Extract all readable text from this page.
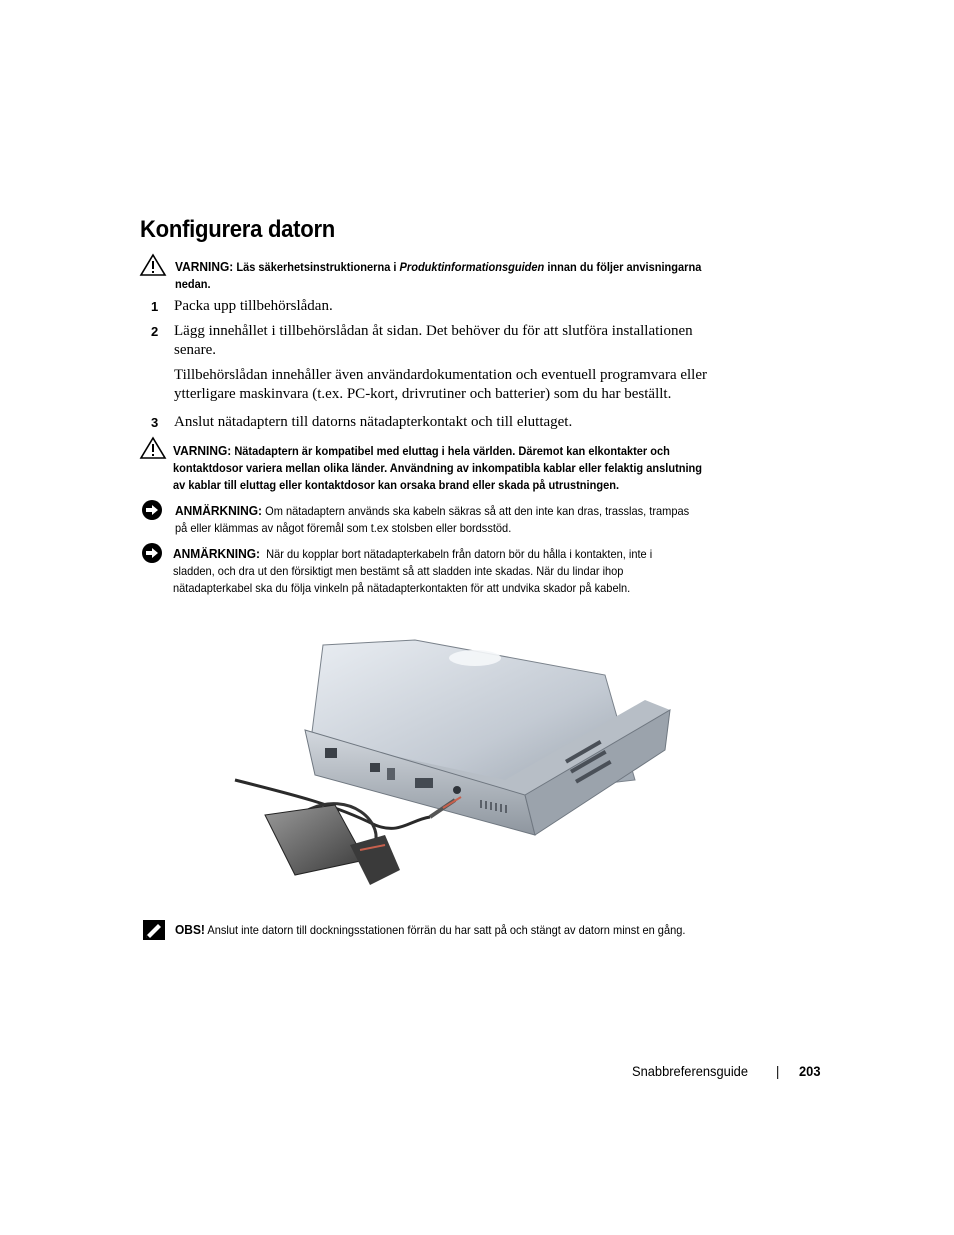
Konfigurera datorn
VARNING: Läs säkerhetsinstruktionerna i Produktinformationsguiden innan du följer anvisningarna
nedan.
1 Packa upp tillbehörslådan.
2 Lägg innehållet i tillbehörslådan åt sidan. Det behöver du för att slutföra installationen
senare.
Tillbehörslådan innehåller även användardokumentation och eventuell programvara eller
ytterligare maskinvara (t.ex. PC-kort, drivrutiner och batterier) som du har beställt.
3 Anslut nätadaptern till datorns nätadapterkontakt och till eluttaget.
VARNING: Nätadaptern är kompatibel med eluttag i hela världen. Däremot kan elkontakter och
kontaktdosor variera mellan olika länder. Användning av inkompatibla kablar eller felaktig anslutning
av kablar till eluttag eller kontaktdosor kan orsaka brand eller skada på utrustningen.
ANMÄRKNING: Om nätadaptern används ska kabeln säkras så att den inte kan dras, trasslas, trampas
på eller klämmas av något föremål som t.ex stolsben eller bordsstöd.
ANMÄRKNING: När du kopplar bort nätadapterkabeln från datorn bör du hålla i kontakten, inte i
sladden, och dra ut den försiktigt men bestämt så att sladden inte skadas. När du lindar ihop
nätadapterkabel ska du följa vinkeln på nätadapterkontakten för att undvika skador på kabeln.
OBS! Anslut inte datorn till dockningsstationen förrän du har satt på och stängt av datorn minst en gång.
Snabbreferensguide | 203
